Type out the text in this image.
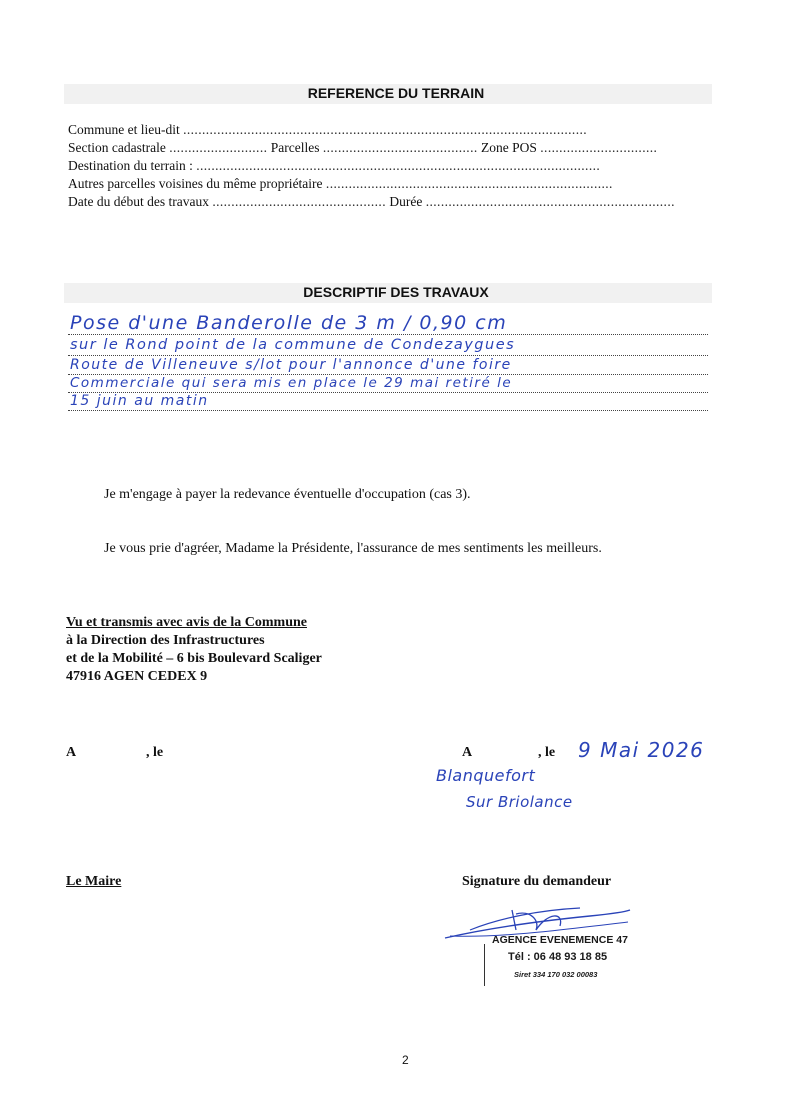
REFERENCE DU TERRAIN
Commune et lieu-dit ...........................................................................................................
Section cadastrale .......................... Parcelles ......................................... Zone POS ...............................
Destination du terrain : ...........................................................................................................
Autres parcelles voisines du même propriétaire ............................................................................
Date du début des travaux .............................................. Durée ..................................................................
DESCRIPTIF DES TRAVAUX
Pose d'une Banderolle de 3 m / 0,90 cm
sur le Rond point de la commune de Condezaygues
Route de Villeneuve s/lot pour l'annonce d'une foire
Commerciale qui sera mis en place le 29 mai retiré le
15 juin au matin
Je m'engage à payer la redevance éventuelle d'occupation (cas 3).
Je vous prie d'agréer, Madame la Présidente, l'assurance de mes sentiments les meilleurs.
Vu et transmis avec avis de la Commune
à la Direction des Infrastructures
et de la Mobilité – 6 bis Boulevard Scaliger
47916 AGEN CEDEX 9
A	, le	A	, le 9 Mai 2026
Blanquefort
Sur Briolance
Le Maire	Signature du demandeur
AGENCE EVENEMENCE 47
Tél : 06 48 93 18 85
Siret 334 170 032 00083
2
